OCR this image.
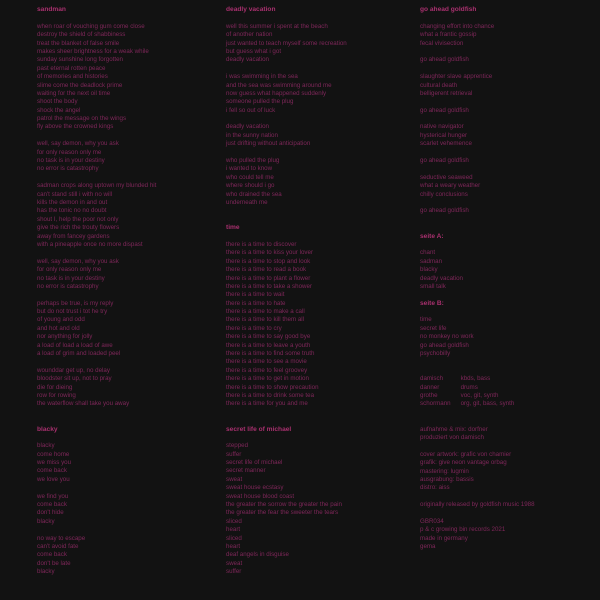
sandman
when roar of vouching gum come close
destroy the shield of shabbiness
treat the blanket of false smile
makes sheer brightness for a weak while
sunday sunshine long forgotten
past eternal rotten peace
of memories and histories
slime come the deadlock prime
waiting for the next oil time
shoot the body
shock the angel
patrol the message on the wings
fly above the crowned kings
well, say demon, why you ask
for only reason only me
no task is in your destiny
no error is catastrophy
sadman crops along uptown my blunded hit
can't stand still i with no will
kills the demon in and out
has the tonic no no doubt
shout I, help the poor not only
give the rich the trouty flowers
away from fancey gardens
with a pineapple once no more dispast
well, say demon, why you ask
for only reason only me
no task is in your destiny
no error is catastrophy
perhaps be true, is my reply
but do not trust i tot he try
of young and odd
and hot and old
nor anything for jolly
a load of load a load of awe
a load of grim and loaded peel
wounddar get up, no delay
bloodster sit up, not to pray
die for dieing
row for rowing
the waterflow shall take you away
blacky
blacky
come home
we miss you
come back
we love you
we find you
come back
don't hide
blacky
no way to escape
can't avoid fate
come back
don't be late
blacky
deadly vacation
well this summer i spent at the beach
of another nation
just wanted to teach myself some recreation
but guess what i got
deadly vacation
i was swimming in the sea
and the sea was swimming around me
now guess what happened suddenly
someone pulled the plug
i fell so out of luck
deadly vacation
in the sunny nation
just drifting without anticipation
who pulled the plug
i wanted to know
who could tell me
where should i go
who drained the sea
underneath me
time
there is a time to discover
there is a time to kiss your lover
there is a time to stop and look
there is a time to read a book
there is a time to plant a flower
there is a time to take a shower
there is a time to wait
there is a time to hate
there is a time to make a call
there is a time to kill them all
there is a time to cry
there is a time to say good bye
there is a time to leave a youth
there is a time to find some truth
there is a time to see a movie
there is a time to feel groovey
there is a time to get in motion
there is a time to show precaution
there is a time to drink some tea
there is a time for you and me
secret life of michael
stepped
suffer
secret life of michael
secret manner
sweat
sweat house ecstasy
sweat house blood coast
the greater the sorrow the greater the pain
the greater the fear the sweeter the tears
sliced
heart
sliced
heart
deaf angels in disguise
sweat
suffer
go ahead goldfish
changing effort into chance
what a frantic gossip
fecal vivisection
go ahead goldfish
slaughter slave apprentice
cultural death
belligerent retrieval
go ahead goldfish
native navigator
hysterical hunger
scarlet vehemence
go ahead goldfish
seductive seaweed
what a weary weather
chilly conclusions
go ahead goldfish
seite A:
chant
sadman
blacky
deadly vacation
small talk
seite B:
time
secret life
no monkey no work
go ahead goldfish
psychobilly
damisch	kbds, bass
danner	drums
grothe	voc, git, synth
schormann	org, git, bass, synth
aufnahme & mix: dorfner
produziert von damisch
cover artwork: grafic von chamier
grafik: give neon vantage orbag
mastering: lugmin
ausgrabung: bassis
distro: aiss
originally released by goldfish music 1988
GBR034
p & c growing bin records 2021
made in germany
gema
